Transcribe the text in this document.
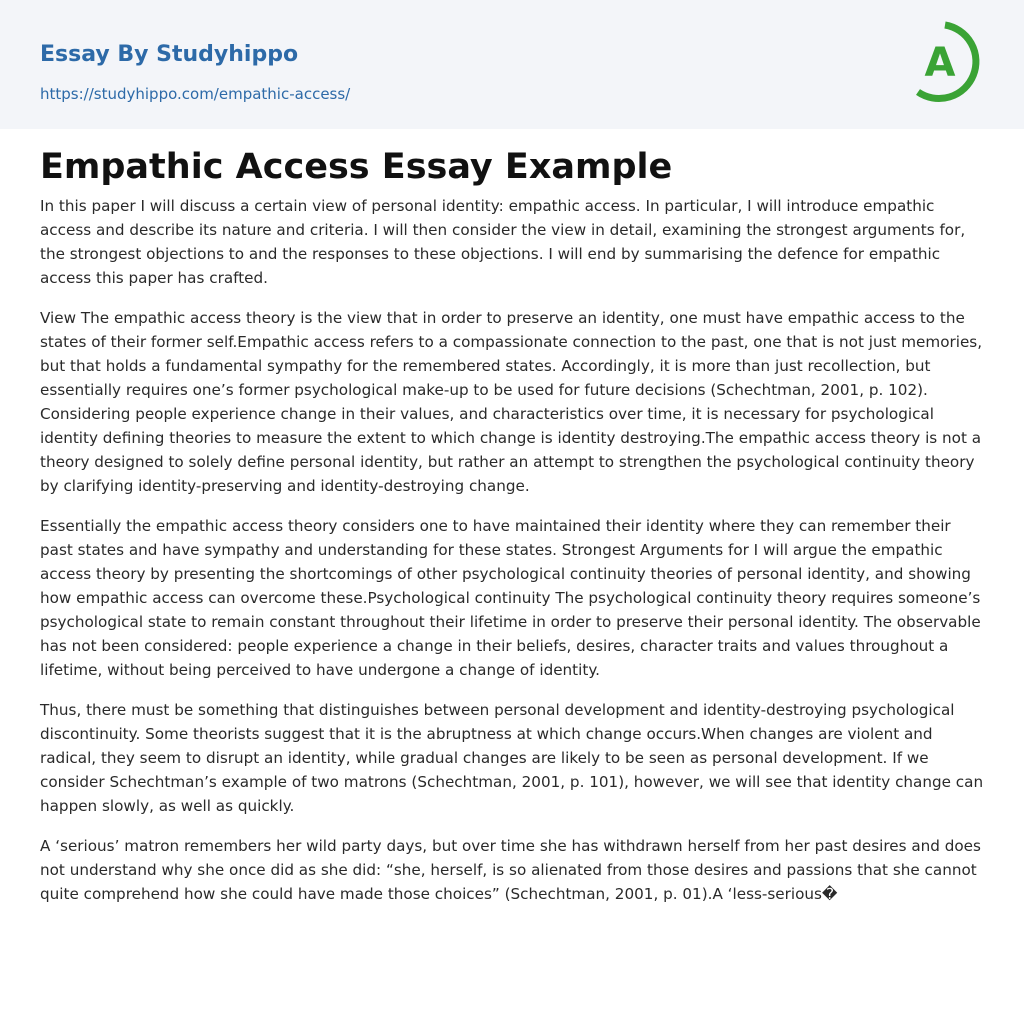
Essay By Studyhippo
https://studyhippo.com/empathic-access/
A
Empathic Access Essay Example

In this paper I will discuss a certain view of personal identity: empathic access. In particular, I will introduce empathic access and describe its nature and criteria. I will then consider the view in detail, examining the strongest arguments for, the strongest objections to and the responses to these objections. I will end by summarising the defence for empathic access this paper has crafted.

View The empathic access theory is the view that in order to preserve an identity, one must have empathic access to the states of their former self.Empathic access refers to a compassionate connection to the past, one that is not just memories, but that holds a fundamental sympathy for the remembered states. Accordingly, it is more than just recollection, but essentially requires one’s former psychological make-up to be used for future decisions (Schechtman, 2001, p. 102). Considering people experience change in their values, and characteristics over time, it is necessary for psychological identity defining theories to measure the extent to which change is identity destroying.The empathic access theory is not a theory designed to solely define personal identity, but rather an attempt to strengthen the psychological continuity theory by clarifying identity-preserving and identity-destroying change.

Essentially the empathic access theory considers one to have maintained their identity where they can remember their past states and have sympathy and understanding for these states. Strongest Arguments for I will argue the empathic access theory by presenting the shortcomings of other psychological continuity theories of personal identity, and showing how empathic access can overcome these.Psychological continuity The psychological continuity theory requires someone’s psychological state to remain constant throughout their lifetime in order to preserve their personal identity. The observable has not been considered: people experience a change in their beliefs, desires, character traits and values throughout a lifetime, without being perceived to have undergone a change of identity.

Thus, there must be something that distinguishes between personal development and identity-destroying psychological discontinuity. Some theorists suggest that it is the abruptness at which change occurs.When changes are violent and radical, they seem to disrupt an identity, while gradual changes are likely to be seen as personal development. If we consider Schechtman’s example of two matrons (Schechtman, 2001, p. 101), however, we will see that identity change can happen slowly, as well as quickly.

A ‘serious’ matron remembers her wild party days, but over time she has withdrawn herself from her past desires and does not understand why she once did as she did: “she, herself, is so alienated from those desires and passions that she cannot quite comprehend how she could have made those choices” (Schechtman, 2001, p. 01).A ‘less-serious�
